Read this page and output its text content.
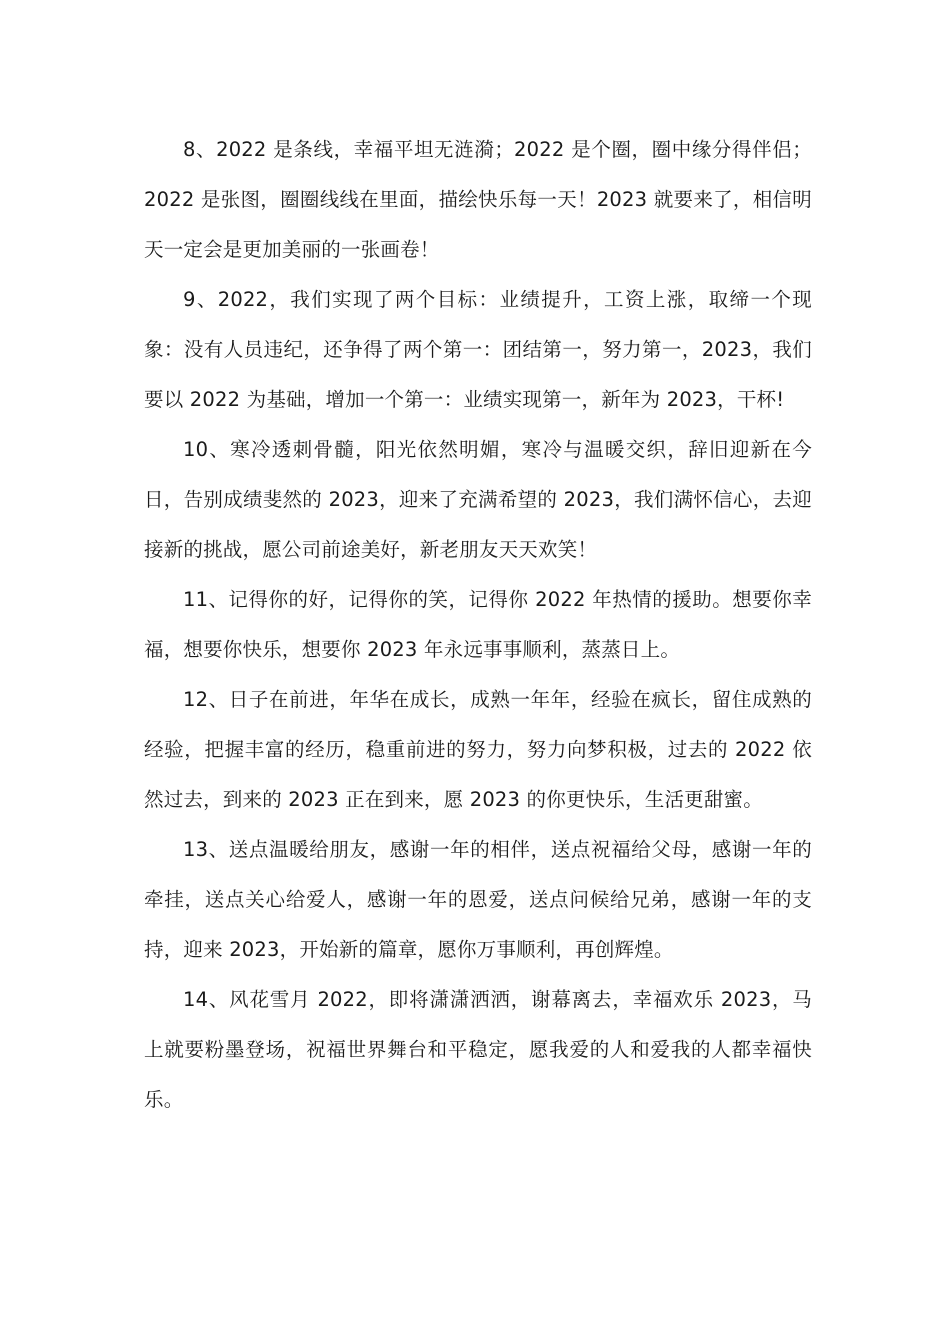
8、2022 是条线，幸福平坦无涟漪；2022 是个圈，圈中缘分得伴侣；2022 是张图，圈圈线线在里面，描绘快乐每一天！2023 就要来了，相信明天一定会是更加美丽的一张画卷！

9、2022，我们实现了两个目标：业绩提升，工资上涨，取缔一个现象：没有人员违纪，还争得了两个第一：团结第一，努力第一，2023，我们要以 2022 为基础，增加一个第一：业绩实现第一，新年为 2023，干杯!

10、寒冷透刺骨髓，阳光依然明媚，寒冷与温暖交织，辞旧迎新在今日，告别成绩斐然的 2023，迎来了充满希望的 2023，我们满怀信心，去迎接新的挑战，愿公司前途美好，新老朋友天天欢笑！

11、记得你的好，记得你的笑，记得你 2022 年热情的援助。想要你幸福，想要你快乐，想要你 2023 年永远事事顺利，蒸蒸日上。

12、日子在前进，年华在成长，成熟一年年，经验在疯长，留住成熟的经验，把握丰富的经历，稳重前进的努力，努力向梦积极，过去的 2022 依然过去，到来的 2023 正在到来，愿 2023 的你更快乐，生活更甜蜜。

13、送点温暖给朋友，感谢一年的相伴，送点祝福给父母，感谢一年的牵挂，送点关心给爱人，感谢一年的恩爱，送点问候给兄弟，感谢一年的支持，迎来 2023，开始新的篇章，愿你万事顺利，再创辉煌。

14、风花雪月 2022，即将潇潇洒洒，谢幕离去，幸福欢乐 2023，马上就要粉墨登场，祝福世界舞台和平稳定，愿我爱的人和爱我的人都幸福快乐。
